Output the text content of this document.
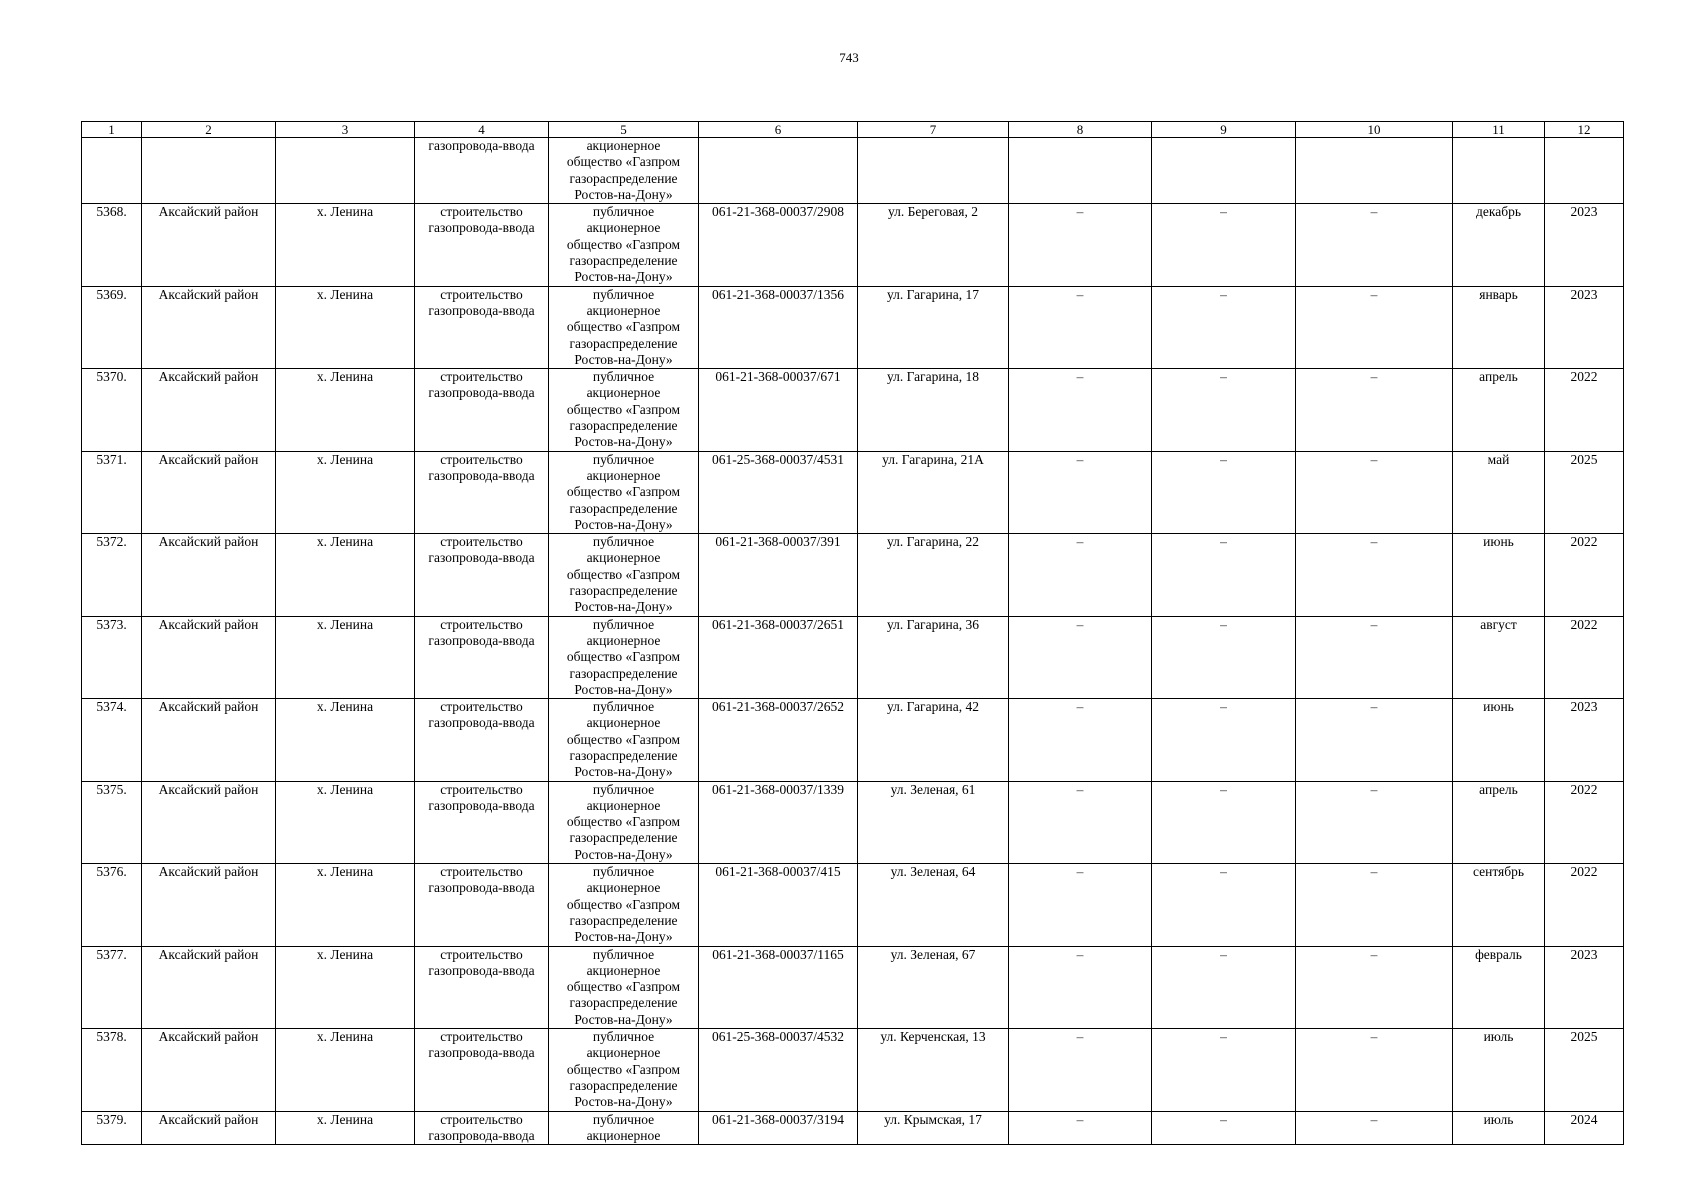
743
1	2	3	4	5	6	7	8	9	10	11	12
			газопровода-ввода	акционерное
общество «Газпром
газораспределение
Ростов-на-Дону»							

5368.	Аксайский район	х. Ленина	строительство газопровода-ввода	публичное
акционерное
общество «Газпром
газораспределение
Ростов-на-Дону»	061-21-368-00037/2908	ул. Береговая, 2	–	–	–	декабрь	2023
5369.	Аксайский район	х. Ленина	строительство газопровода-ввода	публичное
акционерное
общество «Газпром
газораспределение
Ростов-на-Дону»	061-21-368-00037/1356	ул. Гагарина, 17	–	–	–	январь	2023
5370.	Аксайский район	х. Ленина	строительство газопровода-ввода	публичное
акционерное
общество «Газпром
газораспределение
Ростов-на-Дону»	061-21-368-00037/671	ул. Гагарина, 18	–	–	–	апрель	2022
5371.	Аксайский район	х. Ленина	строительство газопровода-ввода	публичное
акционерное
общество «Газпром
газораспределение
Ростов-на-Дону»	061-25-368-00037/4531	ул. Гагарина, 21А	–	–	–	май	2025
5372.	Аксайский район	х. Ленина	строительство газопровода-ввода	публичное
акционерное
общество «Газпром
газораспределение
Ростов-на-Дону»	061-21-368-00037/391	ул. Гагарина, 22	–	–	–	июнь	2022
5373.	Аксайский район	х. Ленина	строительство газопровода-ввода	публичное
акционерное
общество «Газпром
газораспределение
Ростов-на-Дону»	061-21-368-00037/2651	ул. Гагарина, 36	–	–	–	август	2022
5374.	Аксайский район	х. Ленина	строительство газопровода-ввода	публичное
акционерное
общество «Газпром
газораспределение
Ростов-на-Дону»	061-21-368-00037/2652	ул. Гагарина, 42	–	–	–	июнь	2023
5375.	Аксайский район	х. Ленина	строительство газопровода-ввода	публичное
акционерное
общество «Газпром
газораспределение
Ростов-на-Дону»	061-21-368-00037/1339	ул. Зеленая, 61	–	–	–	апрель	2022
5376.	Аксайский район	х. Ленина	строительство газопровода-ввода	публичное
акционерное
общество «Газпром
газораспределение
Ростов-на-Дону»	061-21-368-00037/415	ул. Зеленая, 64	–	–	–	сентябрь	2022
5377.	Аксайский район	х. Ленина	строительство газопровода-ввода	публичное
акционерное
общество «Газпром
газораспределение
Ростов-на-Дону»	061-21-368-00037/1165	ул. Зеленая, 67	–	–	–	февраль	2023
5378.	Аксайский район	х. Ленина	строительство газопровода-ввода	публичное
акционерное
общество «Газпром
газораспределение
Ростов-на-Дону»	061-25-368-00037/4532	ул. Керченская, 13	–	–	–	июль	2025
5379.	Аксайский район	х. Ленина	строительство газопровода-ввода	публичное
акционерное	061-21-368-00037/3194	ул. Крымская, 17	–	–	–	июль	2024
